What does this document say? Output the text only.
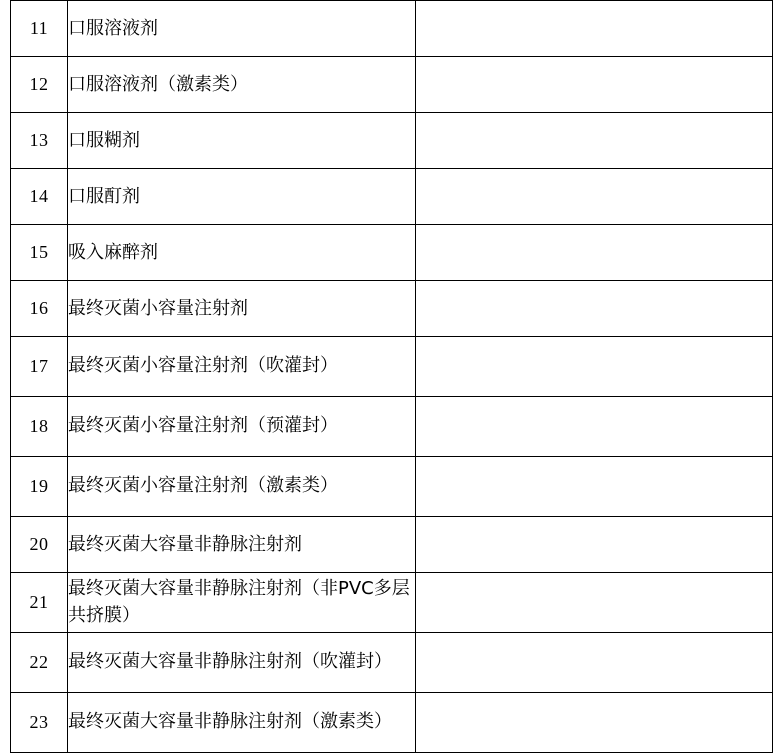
11	口服溶液剂	
12	口服溶液剂（激素类）	
13	口服糊剂	
14	口服酊剂	
15	吸入麻醉剂	
16	最终灭菌小容量注射剂	
17	最终灭菌小容量注射剂（吹灌封）	
18	最终灭菌小容量注射剂（预灌封）	
19	最终灭菌小容量注射剂（激素类）	
20	最终灭菌大容量非静脉注射剂	
21	最终灭菌大容量非静脉注射剂（非PVC多层共挤膜）	
22	最终灭菌大容量非静脉注射剂（吹灌封）	
23	最终灭菌大容量非静脉注射剂（激素类）	
